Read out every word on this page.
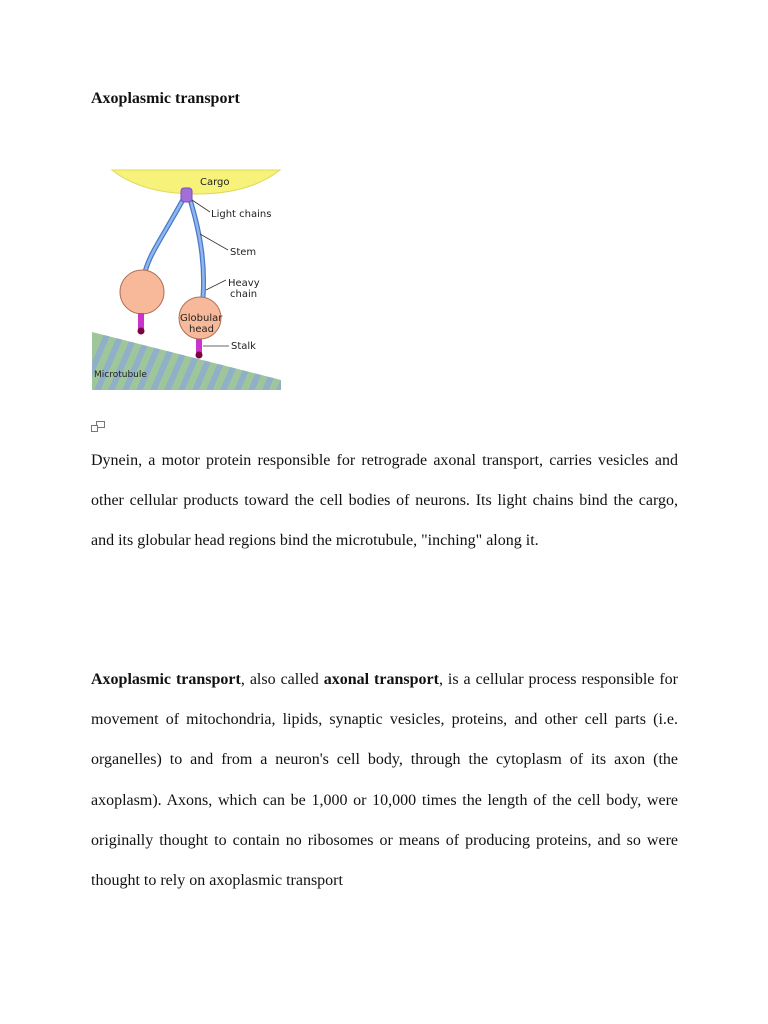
Axoplasmic transport
Cargo
Microtubule
Globular
head
Light chains
Stem
Heavy
chain
Stalk

Dynein, a motor protein responsible for retrograde axonal transport, carries vesicles and other cellular products toward the cell bodies of neurons. Its light chains bind the cargo, and its globular head regions bind the microtubule, "inching" along it.

Axoplasmic transport, also called axonal transport, is a cellular process responsible for movement of mitochondria, lipids, synaptic vesicles, proteins, and other cell parts (i.e. organelles) to and from a neuron's cell body, through the cytoplasm of its axon (the axoplasm). Axons, which can be 1,000 or 10,000 times the length of the cell body, were originally thought to contain no ribosomes or means of producing proteins, and so were thought to rely on axoplasmic transport
